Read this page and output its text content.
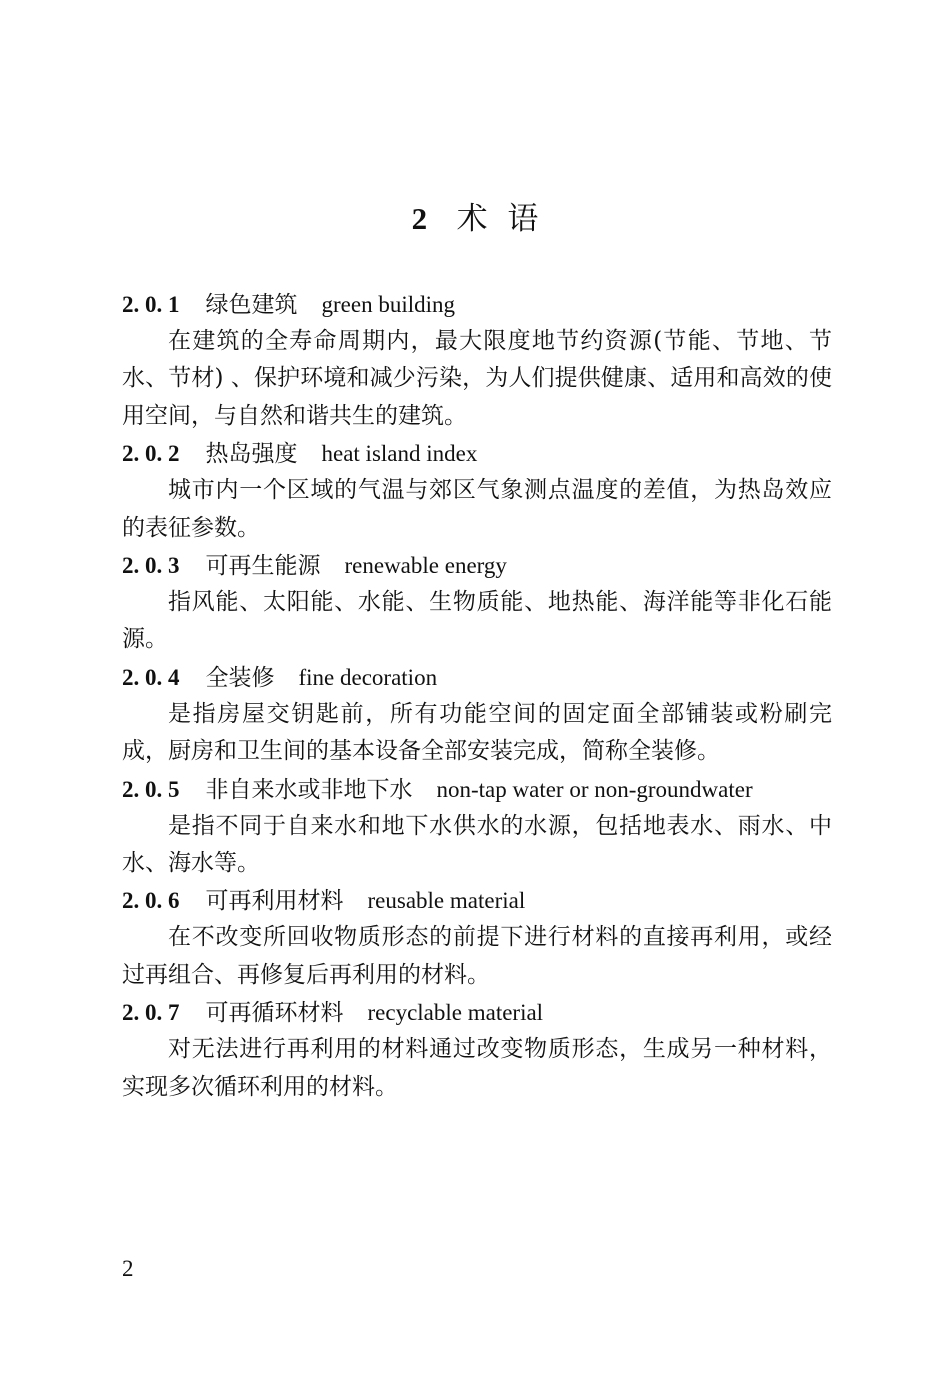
2 术  语
2. 0. 1 绿色建筑 green building

在建筑的全寿命周期内，最大限度地节约资源(节能、节地、节水、节材) 、保护环境和减少污染，为人们提供健康、适用和高效的使用空间，与自然和谐共生的建筑。

2. 0. 2 热岛强度 heat island index

城市内一个区域的气温与郊区气象测点温度的差值，为热岛效应的表征参数。

2. 0. 3 可再生能源 renewable energy

指风能、太阳能、水能、生物质能、地热能、海洋能等非化石能源。

2. 0. 4 全装修 fine decoration

是指房屋交钥匙前，所有功能空间的固定面全部铺装或粉刷完成，厨房和卫生间的基本设备全部安装完成，简称全装修。

2. 0. 5 非自来水或非地下水 non-tap water or non-groundwater

是指不同于自来水和地下水供水的水源，包括地表水、雨水、中水、海水等。

2. 0. 6 可再利用材料 reusable material

在不改变所回收物质形态的前提下进行材料的直接再利用，或经过再组合、再修复后再利用的材料。

2. 0. 7 可再循环材料 recyclable material

对无法进行再利用的材料通过改变物质形态，生成另一种材料，实现多次循环利用的材料。

2
